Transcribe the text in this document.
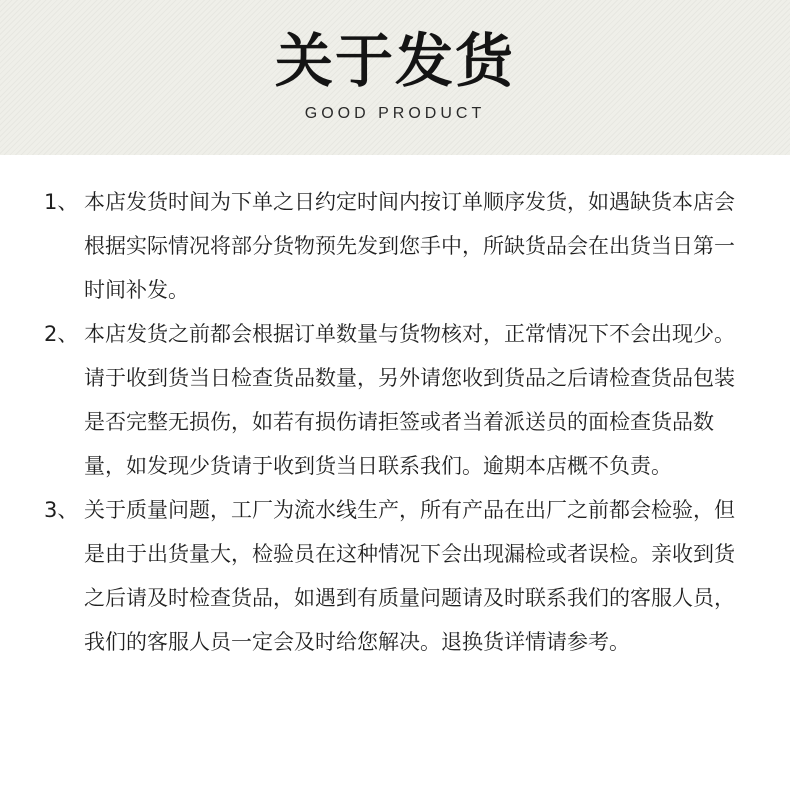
关于发货
GOOD PRODUCT
1、 本店发货时间为下单之日约定时间内按订单顺序发货，如遇缺货本店会根据实际情况将部分货物预先发到您手中，所缺货品会在出货当日第一时间补发。
2、 本店发货之前都会根据订单数量与货物核对，正常情况下不会出现少。请于收到货当日检查货品数量，另外请您收到货品之后请检查货品包装是否完整无损伤，如若有损伤请拒签或者当着派送员的面检查货品数量，如发现少货请于收到货当日联系我们。逾期本店概不负责。
3、 关于质量问题，工厂为流水线生产，所有产品在出厂之前都会检验，但是由于出货量大，检验员在这种情况下会出现漏检或者误检。亲收到货之后请及时检查货品，如遇到有质量问题请及时联系我们的客服人员，我们的客服人员一定会及时给您解决。退换货详情请参考。
